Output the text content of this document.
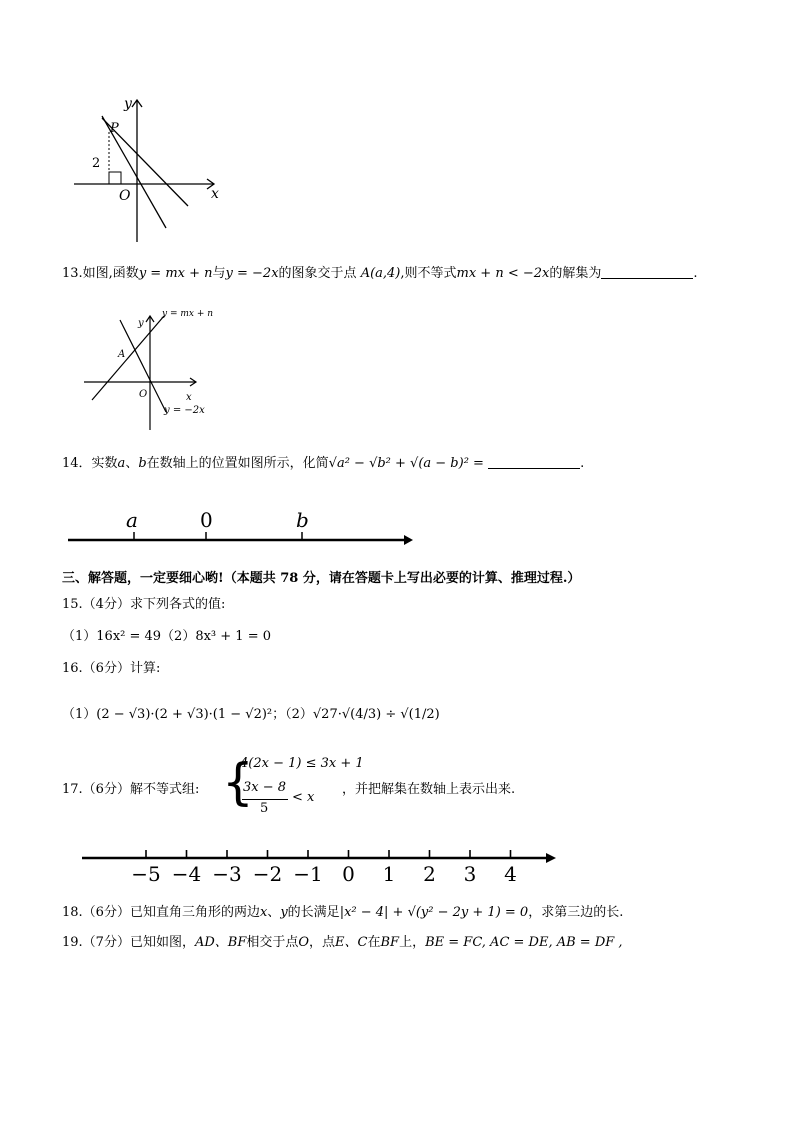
y
x
P
O
2
13.如图,函数y = mx + n与y = −2x的图象交于点 A(a,4),则不等式mx + n < −2x的解集为	.
y = mx + n
y = −2x
y
x
A
O
14．实数a、b在数轴上的位置如图所示，化简√a² − √b² + √(a − b)² =	.
a	0	b
三、解答题，一定要细心哟!（本题共 78 分，请在答题卡上写出必要的计算、推理过程.）
15.（4分）求下列各式的值:
（1）16x² = 49（2）8x³ + 1 = 0
16.（6分）计算:
（1）(2 − √3)·(2 + √3)·(1 − √2)²；（2）√27·√(4/3) ÷ √(1/2)
17.（6分）解不等式组: {
4(2x − 1) ≤ 3x + 1
3x − 8
5
< x
，并把解集在数轴上表示出来.
−5 −4 −3 −2 −1 0 1 2 3 4
18.（6分）已知直角三角形的两边x、y的长满足|x² − 4| + √(y² − 2y + 1) = 0，求第三边的长.
19.（7分）已知如图，AD、BF相交于点O，点E、C在BF上，BE = FC, AC = DE, AB = DF ,
